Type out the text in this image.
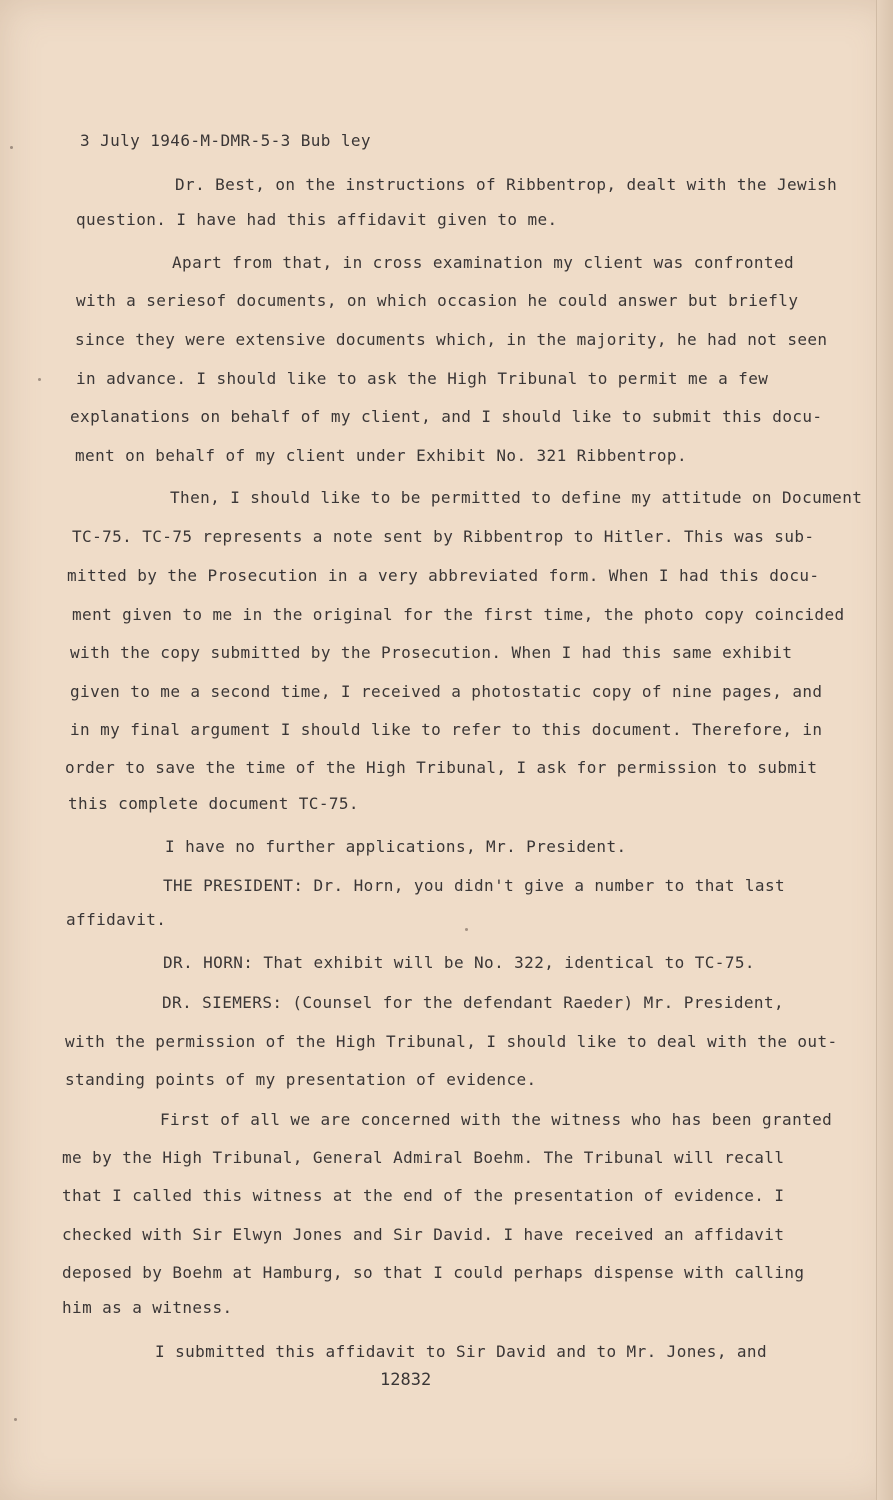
3 July 1946-M-DMR-5-3 Bub ley
Dr. Best, on the instructions of Ribbentrop, dealt with the Jewish
question. I have had this affidavit given to me.
Apart from that, in cross examination my client was confronted
with a seriesof documents, on which occasion he could answer but briefly
since they were extensive documents which, in the majority, he had not seen
in advance. I should like to ask the High Tribunal to permit me a few
explanations on behalf of my client, and I should like to submit this docu-
ment on behalf of my client under Exhibit No. 321 Ribbentrop.
Then, I should like to be permitted to define my attitude on Document
TC-75. TC-75 represents a note sent by Ribbentrop to Hitler. This was sub-
mitted by the Prosecution in a very abbreviated form. When I had this docu-
ment given to me in the original for the first time, the photo copy coincided
with the copy submitted by the Prosecution. When I had this same exhibit
given to me a second time, I received a photostatic copy of nine pages, and
in my final argument I should like to refer to this document. Therefore, in
order to save the time of the High Tribunal, I ask for permission to submit
this complete document TC-75.
I have no further applications, Mr. President.
THE PRESIDENT: Dr. Horn, you didn't give a number to that last
affidavit.
DR. HORN: That exhibit will be No. 322, identical to TC-75.
DR. SIEMERS: (Counsel for the defendant Raeder) Mr. President,
with the permission of the High Tribunal, I should like to deal with the out-
standing points of my presentation of evidence.
First of all we are concerned with the witness who has been granted
me by the High Tribunal, General Admiral Boehm. The Tribunal will recall
that I called this witness at the end of the presentation of evidence. I
checked with Sir Elwyn Jones and Sir David. I have received an affidavit
deposed by Boehm at Hamburg, so that I could perhaps dispense with calling
him as a witness.
I submitted this affidavit to Sir David and to Mr. Jones, and
12832
